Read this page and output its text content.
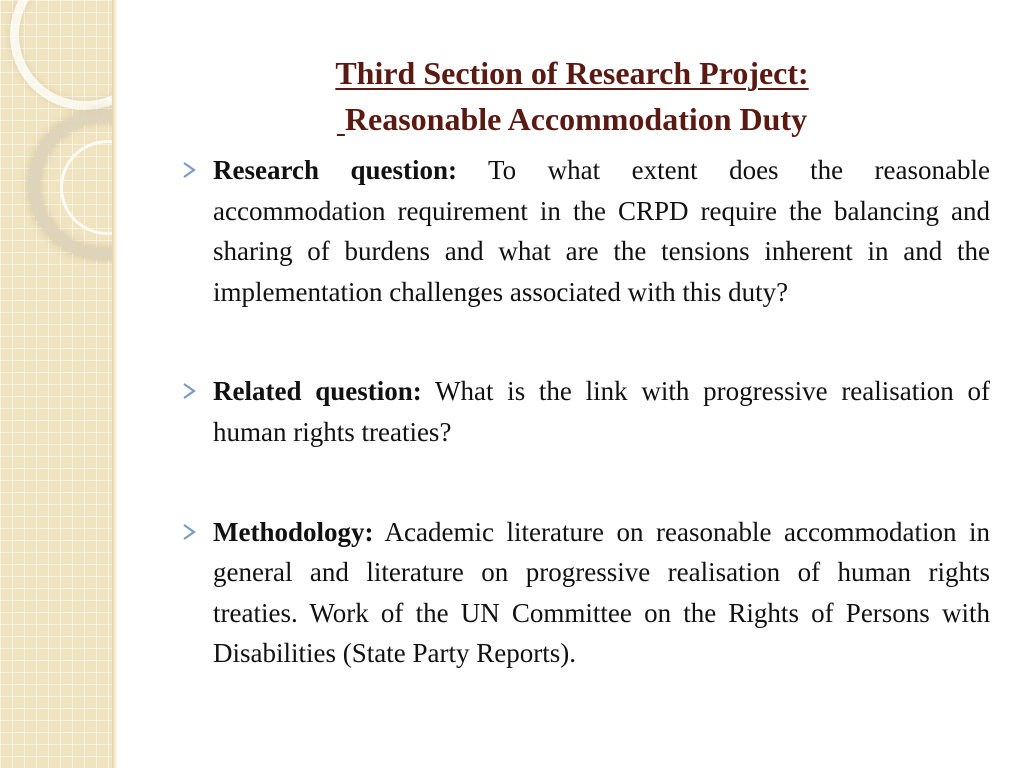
Third Section of Research Project:
Reasonable Accommodation Duty
Research question: To what extent does the reasonable accommodation requirement in the CRPD require the balancing and sharing of burdens and what are the tensions inherent in and the implementation challenges associated with this duty?
Related question: What is the link with progressive realisation of human rights treaties?
Methodology: Academic literature on reasonable accommodation in general and literature on progressive realisation of human rights treaties. Work of the UN Committee on the Rights of Persons with Disabilities (State Party Reports).
